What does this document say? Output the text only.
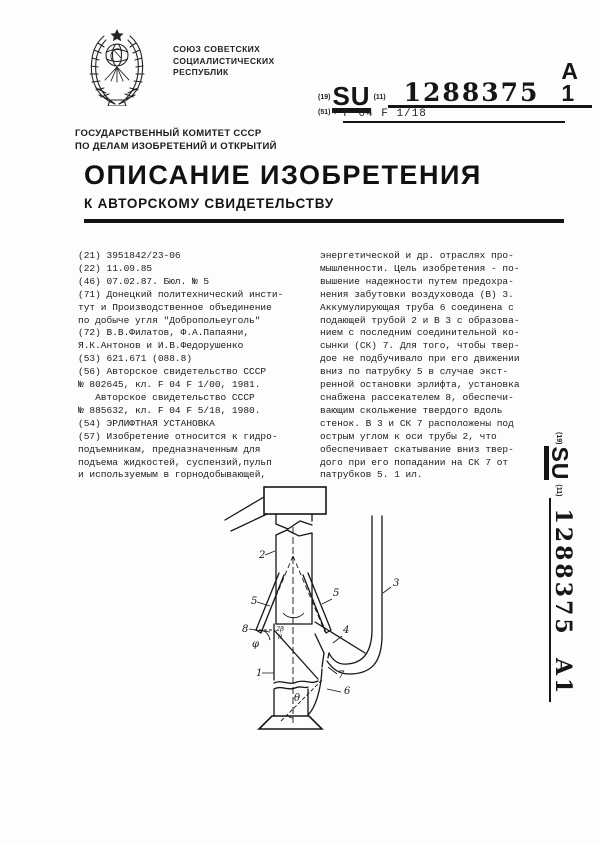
СОЮЗ СОВЕТСКИХ
СОЦИАЛИСТИЧЕСКИХ
РЕСПУБЛИК
ГОСУДАРСТВЕННЫЙ КОМИТЕТ СССР
ПО ДЕЛАМ ИЗОБРЕТЕНИЙ И ОТКРЫТИЙ
(19) SU (11) 1288375
A 1
(51) 4 F 04 F 1/18
ОПИСАНИЕ ИЗОБРЕТЕНИЯ
К АВТОРСКОМУ СВИДЕТЕЛЬСТВУ
(21) 3951842/23-06
(22) 11.09.85
(46) 07.02.87. Бюл. № 5
(71) Донецкий политехнический инсти-
тут и Производственное объединение
по добыче угля "Добропольеуголь"
(72) В.В.Филатов, Ф.А.Папаяни,
Я.К.Антонов и И.В.Федорушенко
(53) 621.671 (088.8)
(56) Авторское свидетельство СССР
№ 802645, кл. F 04 F 1/00, 1981.
Авторское свидетельство СССР
№ 885632, кл. F 04 F 5/18, 1980.
(54) ЭРЛИФТНАЯ УСТАНОВКА
(57) Изобретение относится к гидро-
подъемникам, предназначенным для
подъема жидкостей, суспензий,пульп
и используемым в горнодобывающей,
энергетической и др. отраслях про-
мышленности. Цель изобретения - по-
вышение надежности путем предохра-
нения забутовки воздуховода (В) 3.
Аккумулирующая труба 6 соединена с
подающей трубой 2 и В 3 с образова-
нием с последним соединительной ко-
сынки (СК) 7. Для того, чтобы твер-
дое не подбучивало при его движении
вниз по патрубку 5 в случае экст-
ренной остановки эрлифта, установка
снабжена рассекателем 8, обеспечи-
вающим скольжение твердого вдоль
стенок. В 3 и СК 7 расположены под
острым углом к оси трубы 2, что
обеспечивает скатывание вниз твер-
дого при его попадании на СК 7 от
патрубков 5. 1 ил.
2
3
5
5
4
8
7
6
1
φ
θ
2β
θ
(19)
SU
(11)
1288375  A1
